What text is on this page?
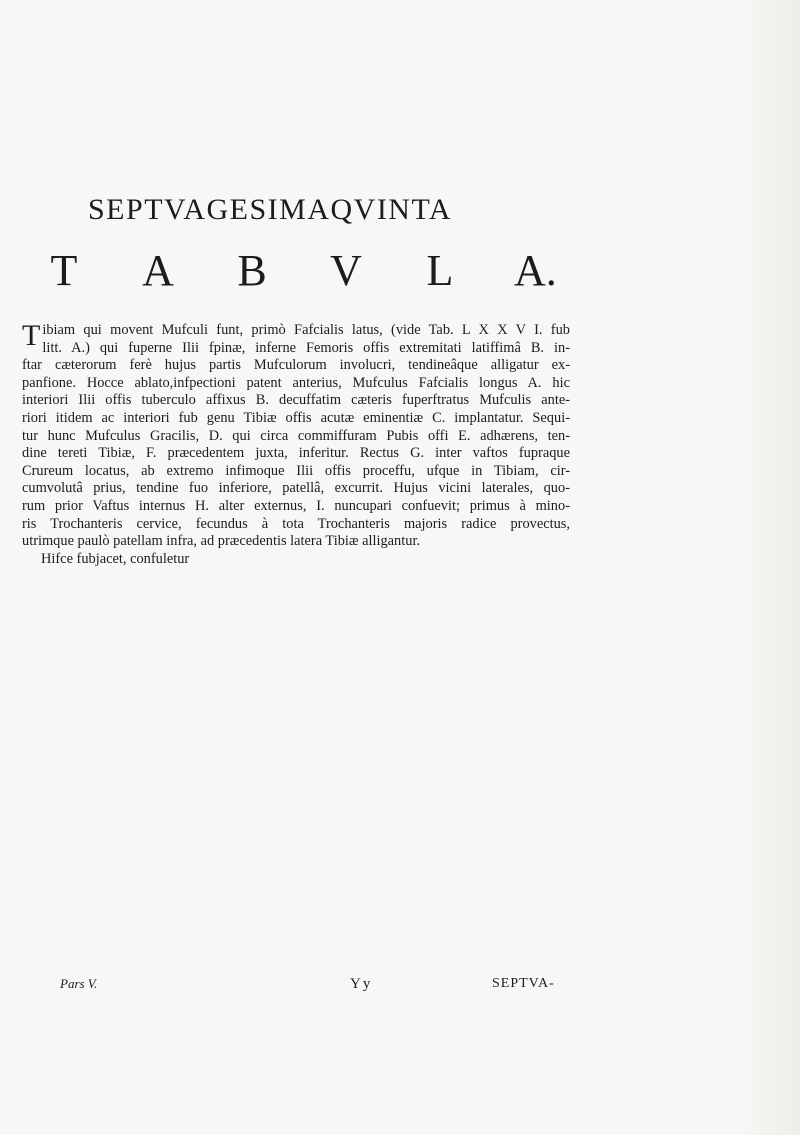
SEPTVAGESIMAQVINTA
T A B V L A.
T ibiam qui movent Mufculi funt, primò Fafcialis latus, (vide Tab. L X X V I. fub
litt. A.) qui fuperne Ilii fpinæ, inferne Femoris offis extremitati latiffimâ B. in-
ftar cæterorum ferè hujus partis Mufculorum involucri, tendineâque alligatur ex-
panfione. Hocce ablato,infpectioni patent anterius, Mufculus Fafcialis longus A. hic
interiori Ilii offis tuberculo affixus B. decuffatim cæteris fuperftratus Mufculis ante-
riori itidem ac interiori fub genu Tibiæ offis acutæ eminentiæ C. implantatur. Sequi-
tur hunc Mufculus Gracilis, D. qui circa commiffuram Pubis offi E. adhærens, ten-
dine tereti Tibiæ, F. præcedentem juxta, inferitur. Rectus G. inter vaftos fupraque
Crureum locatus, ab extremo infimoque Ilii offis proceffu, ufque in Tibiam, cir-
cumvolutâ prius, tendine fuo inferiore, patellâ, excurrit. Hujus vicini laterales, quo-
rum prior Vaftus internus H. alter externus, I. nuncupari confuevit; primus à mino-
ris Trochanteris cervice, fecundus à tota Trochanteris majoris radice provectus,
utrimque paulò patellam infra, ad præcedentis latera Tibiæ alligantur.
Hifce fubjacet, confuletur
Pars V.	Yy	SEPTVA-
